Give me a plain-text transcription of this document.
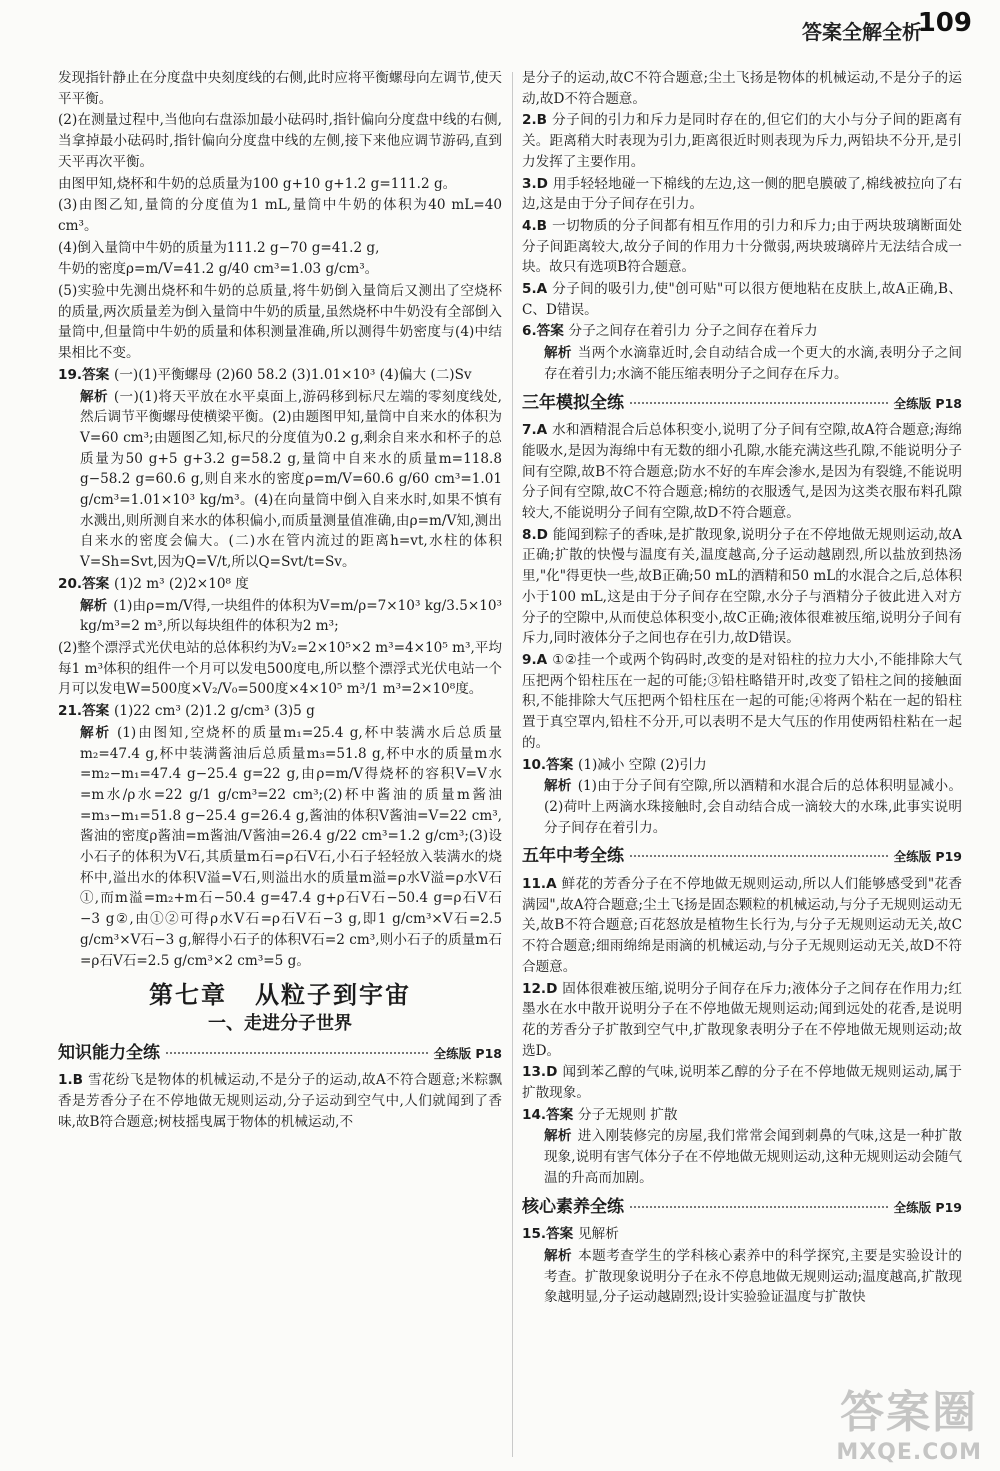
答案全解全析
109

发现指针静止在分度盘中央刻度线的右侧,此时应将平衡螺母向左调节,使天平平衡。

(2)在测量过程中,当他向右盘添加最小砝码时,指针偏向分度盘中线的右侧,当拿掉最小砝码时,指针偏向分度盘中线的左侧,接下来他应调节游码,直到天平再次平衡。

由图甲知,烧杯和牛奶的总质量为100 g+10 g+1.2 g=111.2 g。

(3)由图乙知,量筒的分度值为1 mL,量筒中牛奶的体积为40 mL=40 cm³。

(4)倒入量筒中牛奶的质量为111.2 g−70 g=41.2 g,

牛奶的密度ρ=m/V=41.2 g/40 cm³=1.03 g/cm³。

(5)实验中先测出烧杯和牛奶的总质量,将牛奶倒入量筒后又测出了空烧杯的质量,两次质量差为倒入量筒中牛奶的质量,虽然烧杯中牛奶没有全部倒入量筒中,但量筒中牛奶的质量和体积测量准确,所以测得牛奶密度与(4)中结果相比不变。

19.答案 (一)(1)平衡螺母 (2)60 58.2 (3)1.01×10³ (4)偏大 (二)Sv

解析 (一)(1)将天平放在水平桌面上,游码移到标尺左端的零刻度线处,然后调节平衡螺母使横梁平衡。(2)由题图甲知,量筒中自来水的体积为V=60 cm³;由题图乙知,标尺的分度值为0.2 g,剩余自来水和杯子的总质量为50 g+5 g+3.2 g=58.2 g,量筒中自来水的质量m=118.8 g−58.2 g=60.6 g,则自来水的密度ρ=m/V=60.6 g/60 cm³=1.01 g/cm³=1.01×10³ kg/m³。(4)在向量筒中倒入自来水时,如果不慎有水溅出,则所测自来水的体积偏小,而质量测量值准确,由ρ=m/V知,测出自来水的密度会偏大。(二)水在管内流过的距离h=vt,水柱的体积V=Sh=Svt,因为Q=V/t,所以Q=Svt/t=Sv。

20.答案 (1)2 m³ (2)2×10⁸ 度

解析 (1)由ρ=m/V得,一块组件的体积为V=m/ρ=7×10³ kg/3.5×10³ kg/m³=2 m³,所以每块组件的体积为2 m³;

(2)整个漂浮式光伏电站的总体积约为V₂=2×10⁵×2 m³=4×10⁵ m³,平均每1 m³体积的组件一个月可以发电500度电,所以整个漂浮式光伏电站一个月可以发电W=500度×V₂/V₀=500度×4×10⁵ m³/1 m³=2×10⁸度。

21.答案 (1)22 cm³ (2)1.2 g/cm³ (3)5 g

解析 (1)由图知,空烧杯的质量m₁=25.4 g,杯中装满水后总质量m₂=47.4 g,杯中装满酱油后总质量m₃=51.8 g,杯中水的质量m水=m₂−m₁=47.4 g−25.4 g=22 g,由ρ=m/V得烧杯的容积V=V水=m水/ρ水=22 g/1 g/cm³=22 cm³;(2)杯中酱油的质量m酱油=m₃−m₁=51.8 g−25.4 g=26.4 g,酱油的体积V酱油=V=22 cm³,酱油的密度ρ酱油=m酱油/V酱油=26.4 g/22 cm³=1.2 g/cm³;(3)设小石子的体积为V石,其质量m石=ρ石V石,小石子轻轻放入装满水的烧杯中,溢出水的体积V溢=V石,则溢出水的质量m溢=ρ水V溢=ρ水V石①,而m溢=m₂+m石−50.4 g=47.4 g+ρ石V石−50.4 g=ρ石V石−3 g②,由①②可得ρ水V石=ρ石V石−3 g,即1 g/cm³×V石=2.5 g/cm³×V石−3 g,解得小石子的体积V石=2 cm³,则小石子的质量m石=ρ石V石=2.5 g/cm³×2 cm³=5 g。

第七章 从粒子到宇宙
一、走进分子世界
知识能力全练	全练版 P18

1.B 雪花纷飞是物体的机械运动,不是分子的运动,故A不符合题意;米粽飘香是芳香分子在不停地做无规则运动,分子运动到空气中,人们就闻到了香味,故B符合题意;树枝摇曳属于物体的机械运动,不

是分子的运动,故C不符合题意;尘土飞扬是物体的机械运动,不是分子的运动,故D不符合题意。

2.B 分子间的引力和斥力是同时存在的,但它们的大小与分子间的距离有关。距离稍大时表现为引力,距离很近时则表现为斥力,两铅块不分开,是引力发挥了主要作用。

3.D 用手轻轻地碰一下棉线的左边,这一侧的肥皂膜破了,棉线被拉向了右边,这是由于分子间存在引力。

4.B 一切物质的分子间都有相互作用的引力和斥力;由于两块玻璃断面处分子间距离较大,故分子间的作用力十分微弱,两块玻璃碎片无法结合成一块。故只有选项B符合题意。

5.A 分子间的吸引力,使"创可贴"可以很方便地粘在皮肤上,故A正确,B、C、D错误。

6.答案 分子之间存在着引力 分子之间存在着斥力

解析 当两个水滴靠近时,会自动结合成一个更大的水滴,表明分子之间存在着引力;水滴不能压缩表明分子之间存在斥力。

三年模拟全练	全练版 P18

7.A 水和酒精混合后总体积变小,说明了分子间有空隙,故A符合题意;海绵能吸水,是因为海绵中有无数的细小孔隙,水能充满这些孔隙,不能说明分子间有空隙,故B不符合题意;防水不好的车库会渗水,是因为有裂缝,不能说明分子间有空隙,故C不符合题意;棉纺的衣服透气,是因为这类衣服布料孔隙较大,不能说明分子间有空隙,故D不符合题意。

8.D 能闻到粽子的香味,是扩散现象,说明分子在不停地做无规则运动,故A正确;扩散的快慢与温度有关,温度越高,分子运动越剧烈,所以盐放到热汤里,"化"得更快一些,故B正确;50 mL的酒精和50 mL的水混合之后,总体积小于100 mL,这是由于分子间存在空隙,水分子与酒精分子彼此进入对方分子的空隙中,从而使总体积变小,故C正确;液体很难被压缩,说明分子间有斥力,同时液体分子之间也存在引力,故D错误。

9.A ①②挂一个或两个钩码时,改变的是对铅柱的拉力大小,不能排除大气压把两个铅柱压在一起的可能;③铅柱略错开时,改变了铅柱之间的接触面积,不能排除大气压把两个铅柱压在一起的可能;④将两个粘在一起的铅柱置于真空罩内,铅柱不分开,可以表明不是大气压的作用使两铅柱粘在一起的。

10.答案 (1)减小 空隙 (2)引力

解析 (1)由于分子间有空隙,所以酒精和水混合后的总体积明显减小。(2)荷叶上两滴水珠接触时,会自动结合成一滴较大的水珠,此事实说明分子间存在着引力。

五年中考全练	全练版 P19

11.A 鲜花的芳香分子在不停地做无规则运动,所以人们能够感受到"花香满园",故A符合题意;尘土飞扬是固态颗粒的机械运动,与分子无规则运动无关,故B不符合题意;百花怒放是植物生长行为,与分子无规则运动无关,故C不符合题意;细雨绵绵是雨滴的机械运动,与分子无规则运动无关,故D不符合题意。

12.D 固体很难被压缩,说明分子间存在斥力;液体分子之间存在作用力;红墨水在水中散开说明分子在不停地做无规则运动;闻到远处的花香,是说明花的芳香分子扩散到空气中,扩散现象表明分子在不停地做无规则运动;故选D。

13.D 闻到苯乙醇的气味,说明苯乙醇的分子在不停地做无规则运动,属于扩散现象。

14.答案 分子无规则 扩散

解析 进入刚装修完的房屋,我们常常会闻到刺鼻的气味,这是一种扩散现象,说明有害气体分子在不停地做无规则运动,这种无规则运动会随气温的升高而加剧。

核心素养全练	全练版 P19

15.答案 见解析

解析 本题考查学生的学科核心素养中的科学探究,主要是实验设计的考查。扩散现象说明分子在永不停息地做无规则运动;温度越高,扩散现象越明显,分子运动越剧烈;设计实验验证温度与扩散快

答案圈
MXQE.COM
